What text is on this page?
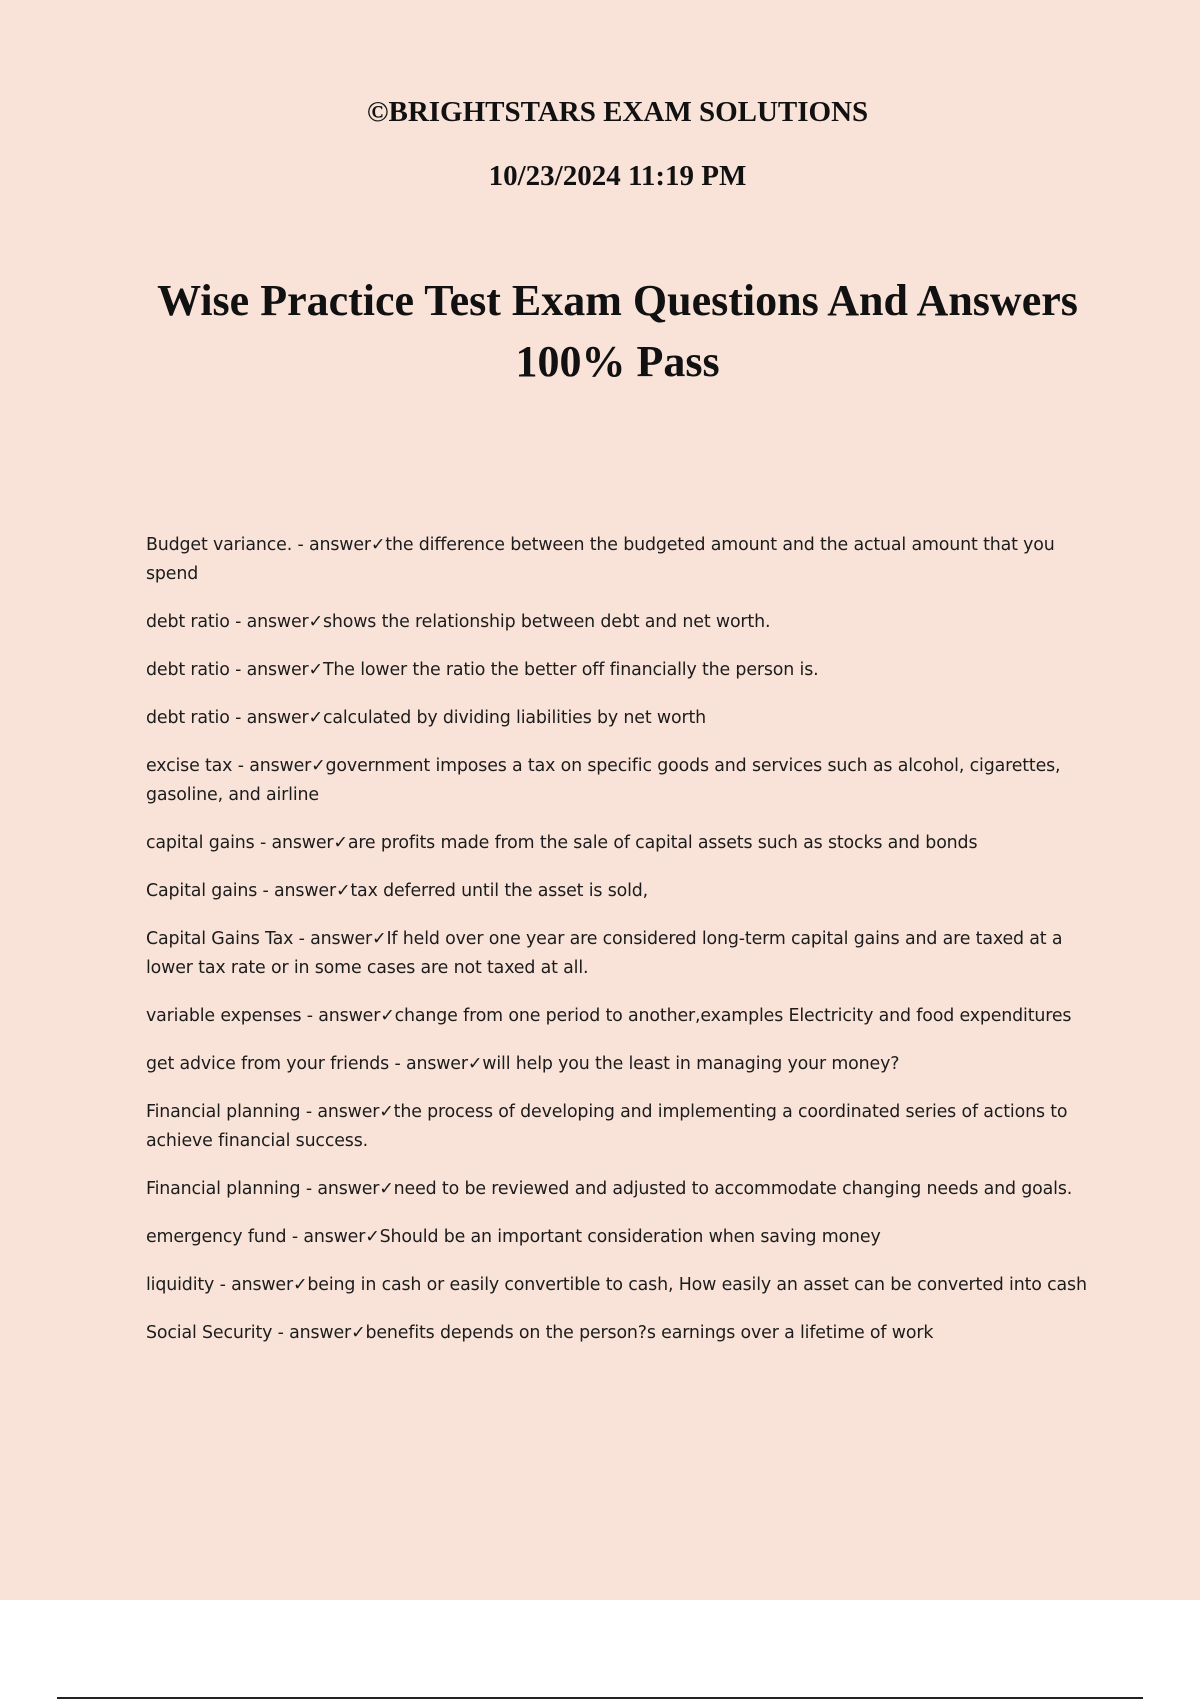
©BRIGHTSTARS EXAM SOLUTIONS
10/23/2024 11:19 PM
Wise Practice Test Exam Questions And Answers 100% Pass
Budget variance. - answer✓the difference between the budgeted amount and the actual amount that you spend
debt ratio - answer✓shows the relationship between debt and net worth.
debt ratio - answer✓The lower the ratio the better off financially the person is.
debt ratio - answer✓calculated by dividing liabilities by net worth
excise tax - answer✓government imposes a tax on specific goods and services such as alcohol, cigarettes, gasoline, and airline
capital gains - answer✓are profits made from the sale of capital assets such as stocks and bonds
Capital gains - answer✓tax deferred until the asset is sold,
Capital Gains Tax - answer✓If held over one year are considered long-term capital gains and are taxed at a lower tax rate or in some cases are not taxed at all.
variable expenses - answer✓change from one period to another,examples Electricity and food expenditures
get advice from your friends - answer✓will help you the least in managing your money?
Financial planning - answer✓the process of developing and implementing a coordinated series of actions to achieve financial success.
Financial planning - answer✓need to be reviewed and adjusted to accommodate changing needs and goals.
emergency fund - answer✓Should be an important consideration when saving money
liquidity - answer✓being in cash or easily convertible to cash, How easily an asset can be converted into cash
Social Security - answer✓benefits depends on the person?s earnings over a lifetime of work
